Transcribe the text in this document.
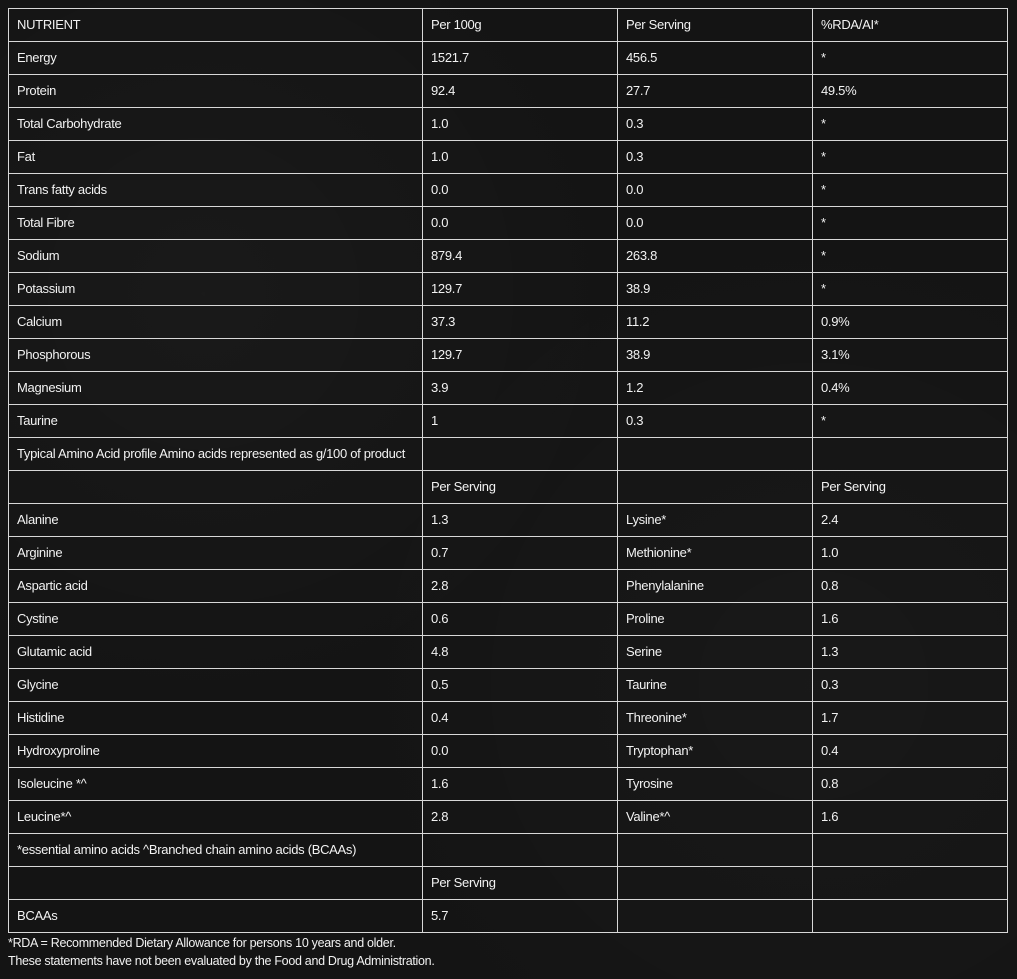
NUTRIENT	Per 100g	Per Serving	%RDA/AI*
Energy	1521.7	456.5	*
Protein	92.4	27.7	49.5%
Total Carbohydrate	1.0	0.3	*
Fat	1.0	0.3	*
Trans fatty acids	0.0	0.0	*
Total Fibre	0.0	0.0	*
Sodium	879.4	263.8	*
Potassium	129.7	38.9	*
Calcium	37.3	11.2	0.9%
Phosphorous	129.7	38.9	3.1%
Magnesium	3.9	1.2	0.4%
Taurine	1	0.3	*
Typical Amino Acid profile Amino acids represented as g/100 of product			
	Per Serving		Per Serving
Alanine	1.3	Lysine*	2.4
Arginine	0.7	Methionine*	1.0
Aspartic acid	2.8	Phenylalanine	0.8
Cystine	0.6	Proline	1.6
Glutamic acid	4.8	Serine	1.3
Glycine	0.5	Taurine	0.3
Histidine	0.4	Threonine*	1.7
Hydroxyproline	0.0	Tryptophan*	0.4
Isoleucine *^	1.6	Tyrosine	0.8
Leucine*^	2.8	Valine*^	1.6
*essential amino acids ^Branched chain amino acids (BCAAs)			
	Per Serving		
BCAAs	5.7		
*RDA = Recommended Dietary Allowance for persons 10 years and older.
These statements have not been evaluated by the Food and Drug Administration.
